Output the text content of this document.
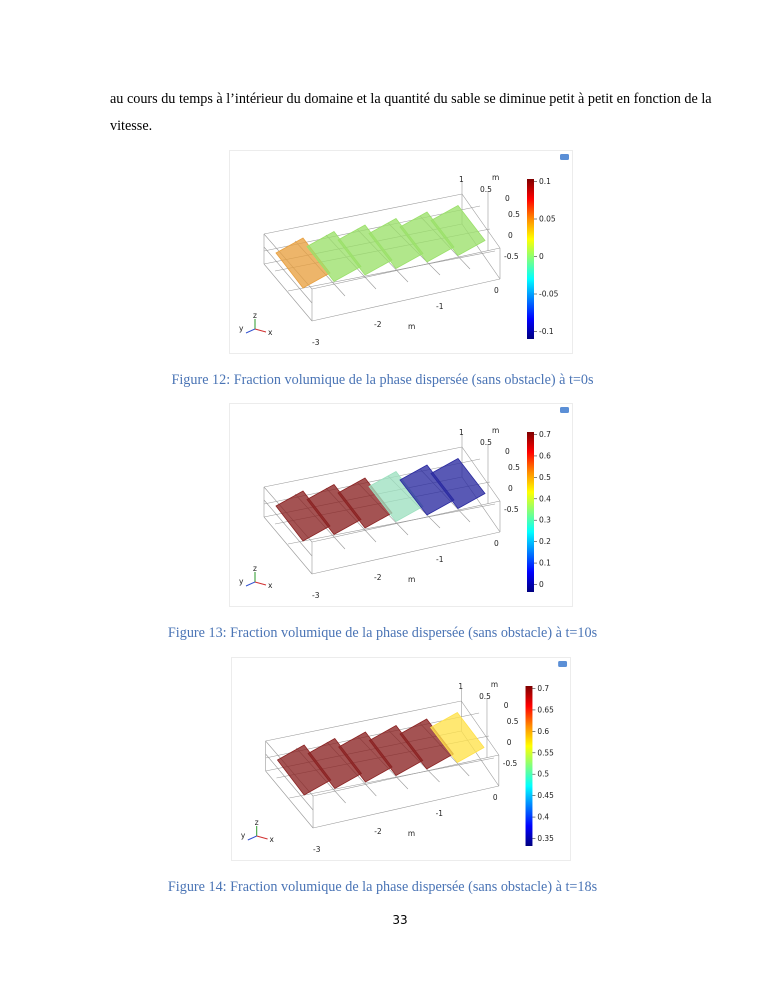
au cours du temps à l’intérieur du domaine et la quantité du sable se diminue petit à petit en fonction de la vitesse.

1
0.5
0
0.5
0
-0.5
m
0
-1
-2	m
-3
0.1
0.05
0
-0.05
-0.1
z
x
y
Figure 12: Fraction volumique de la phase dispersée (sans obstacle) à t=0s
1
0.5
0
0.5
0
-0.5
m
0
-1
-2	m
-3
0.7
0.6
0.5
0.4
0.3
0.2
0.1
0
z
x
y
Figure 13: Fraction volumique de la phase dispersée (sans obstacle) à t=10s
1
0.5
0
0.5
0
-0.5
m
0
-1
-2	m
-3
0.7
0.65
0.6
0.55
0.5
0.45
0.4
0.35
z
x
y
Figure 14: Fraction volumique de la phase dispersée (sans obstacle) à t=18s
33
